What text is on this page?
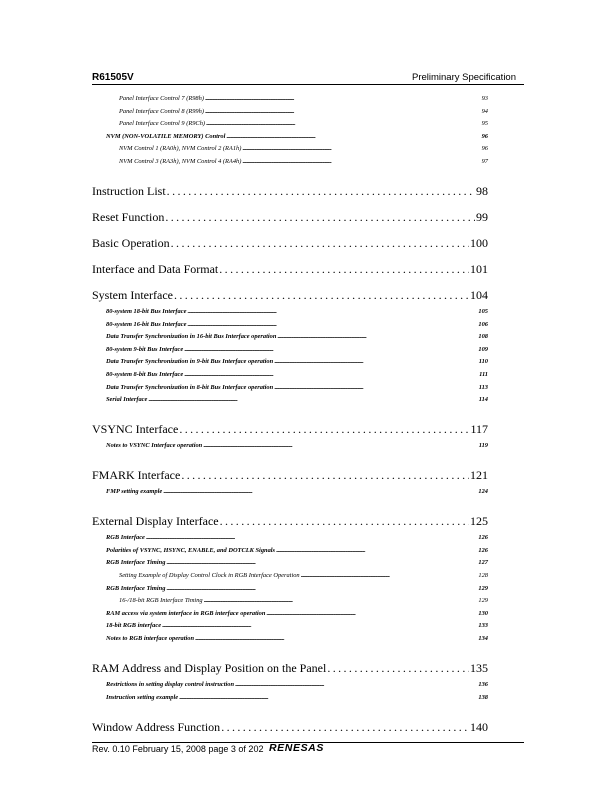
R61505V	Preliminary Specification
Panel Interface Control 7 (R98h) . . .	93
Panel Interface Control 8 (R99h) . . .	94
Panel Interface Control 9 (R9Ch) . . .	95
NVM (NON-VOLATILE MEMORY) Control . . .	96
NVM Control 1 (RA0h), NVM Control 2 (RA1h) . . .	96
NVM Control 3 (RA3h), NVM Control 4 (RA4h) . . .	97
Instruction List . . .	98
Reset Function . . .	99
Basic Operation . . .	100
Interface and Data Format . . .	101
System Interface . . .	104
80-system 18-bit Bus Interface . . .	105
80-system 16-bit Bus Interface . . .	106
Data Transfer Synchronization in 16-bit Bus Interface operation . . .	108
80-system 9-bit Bus Interface . . .	109
Data Transfer Synchronization in 9-bit Bus Interface operation . . .	110
80-system 8-bit Bus Interface . . .	111
Data Transfer Synchronization in 8-bit Bus Interface operation . . .	113
Serial Interface . . .	114
VSYNC Interface . . .	117
Notes to VSYNC Interface operation . . .	119
FMARK Interface . . .	121
FMP setting example . . .	124
External Display Interface . . .	125
RGB Interface . . .	126
Polarities of VSYNC, HSYNC, ENABLE, and DOTCLK Signals . . .	126
RGB Interface Timing . . .	127
Setting Example of Display Control Clock in RGB Interface Operation . . .	128
RGB Interface Timing . . .	129
16-/18-bit RGB Interface Timing . . .	129
RAM access via system interface in RGB interface operation . . .	130
18-bit RGB interface . . .	133
Notes to RGB interface operation . . .	134
RAM Address and Display Position on the Panel . . .	135
Restrictions in setting display control instruction . . .	136
Instruction setting example . . .	138
Window Address Function . . .	140
Rev. 0.10 February 15, 2008 page 3 of 202 RENESAS
